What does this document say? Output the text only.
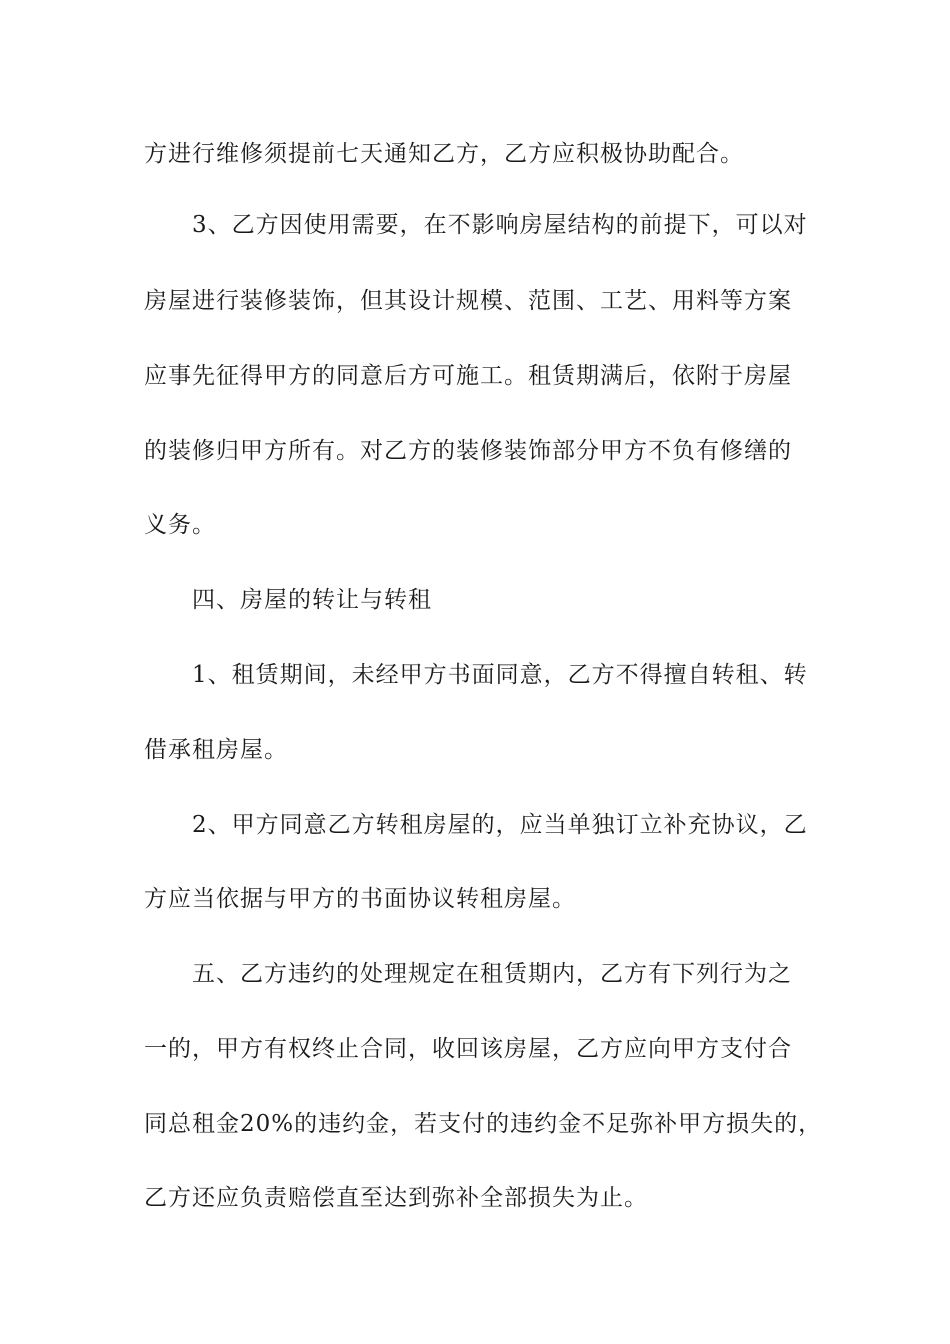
方进行维修须提前七天通知乙方，乙方应积极协助配合。
3、乙方因使用需要，在不影响房屋结构的前提下，可以对
房屋进行装修装饰，但其设计规模、范围、工艺、用料等方案
应事先征得甲方的同意后方可施工。租赁期满后，依附于房屋
的装修归甲方所有。对乙方的装修装饰部分甲方不负有修缮的
义务。
四、房屋的转让与转租
1、租赁期间，未经甲方书面同意，乙方不得擅自转租、转
借承租房屋。
2、甲方同意乙方转租房屋的，应当单独订立补充协议，乙
方应当依据与甲方的书面协议转租房屋。
五、乙方违约的处理规定在租赁期内，乙方有下列行为之
一的，甲方有权终止合同，收回该房屋，乙方应向甲方支付合
同总租金20%的违约金，若支付的违约金不足弥补甲方损失的，
乙方还应负责赔偿直至达到弥补全部损失为止。
